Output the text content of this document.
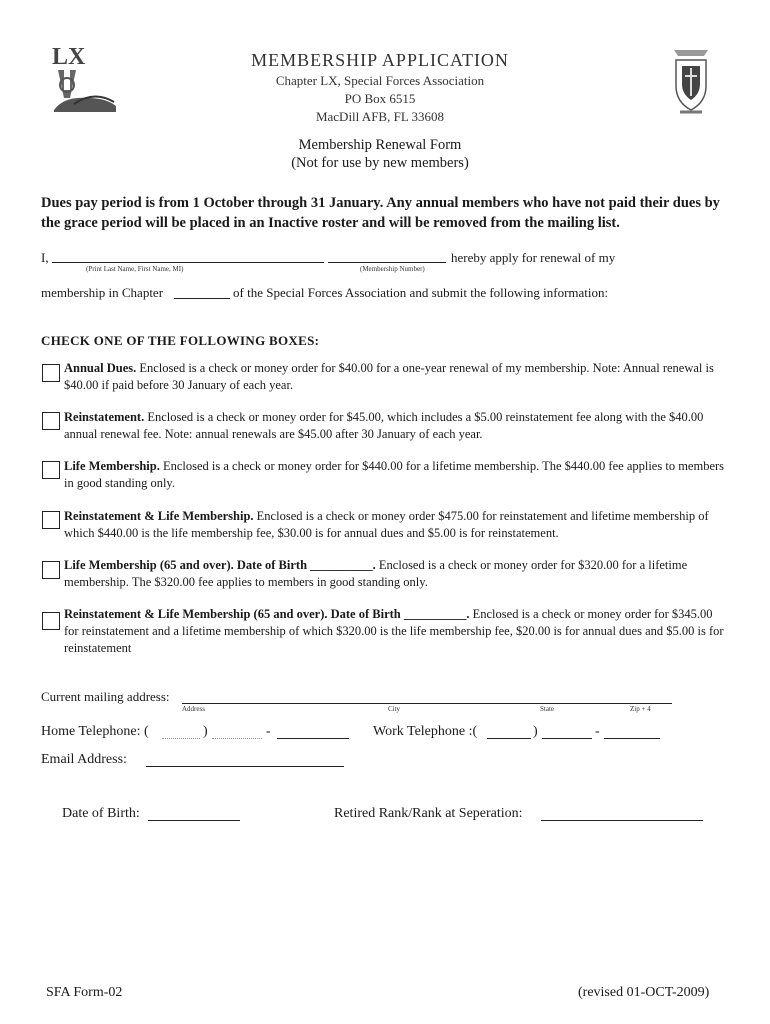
LX	MEMBERSHIP APPLICATION
Chapter LX, Special Forces Association
PO Box 6515
MacDill AFB, FL 33608
Membership Renewal Form
(Not for use by new members)
Dues pay period is from 1 October through 31 January. Any annual members who have not paid their dues by the grace period will be placed in an Inactive roster and will be removed from the mailing list.
I,
(Print Last Name, First Name, MI)	(Membership Number)
hereby apply for renewal of my
membership in Chapter	of the Special Forces Association and submit the following information:
CHECK ONE OF THE FOLLOWING BOXES:
Annual Dues. Enclosed is a check or money order for $40.00 for a one-year renewal of my membership. Note: Annual renewal is $40.00 if paid before 30 January of each year.
Reinstatement. Enclosed is a check or money order for $45.00, which includes a $5.00 reinstatement fee along with the $40.00 annual renewal fee. Note: annual renewals are $45.00 after 30 January of each year.
Life Membership. Enclosed is a check or money order for $440.00 for a lifetime membership. The $440.00 fee applies to members in good standing only.
Reinstatement & Life Membership. Enclosed is a check or money order $475.00 for reinstatement and lifetime membership of which $440.00 is the life membership fee, $30.00 is for annual dues and $5.00 is for reinstatement.
Life Membership (65 and over). Date of Birth __________. Enclosed is a check or money order for $320.00 for a lifetime membership. The $320.00 fee applies to members in good standing only.
Reinstatement & Life Membership (65 and over). Date of Birth __________. Enclosed is a check or money order for $345.00 for reinstatement and a lifetime membership of which $320.00 is the life membership fee, $20.00 is for annual dues and $5.00 is for reinstatement
Current mailing address:
Address	City	State	Zip + 4
Home Telephone: (	)	-	Work Telephone :(	)	-
Email Address:
Date of Birth:	Retired Rank/Rank at Seperation:
SFA Form-02	(revised 01-OCT-2009)
